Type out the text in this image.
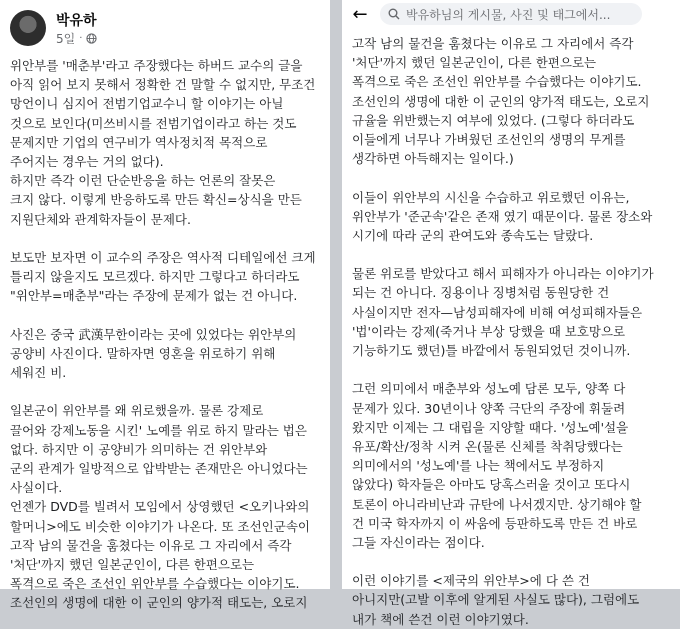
박유하
5일 ·
위안부를 '매춘부'라고 주장했다는 하버드 교수의 글을
아직 읽어 보지 못해서 정확한 건 말할 수 없지만, 무조건
망언이니 심지어 전범기업교수니 할 이야기는 아닐
것으로 보인다(미쓰비시를 전범기업이라고 하는 것도
문제지만 기업의 연구비가 역사정치적 목적으로
주어지는 경우는 거의 없다).
하지만 즉각 이런 단순반응을 하는 언론의 잘못은
크지 않다. 이렇게 반응하도록 만든 확신=상식을 만든
지원단체와 관계학자들이 문제다.
보도만 보자면 이 교수의 주장은 역사적 디테일에선 크게
틀리지 않을지도 모르겠다. 하지만 그렇다고 하더라도
"위안부=매춘부"라는 주장에 문제가 없는 건 아니다.
사진은 중국 武漢무한이라는 곳에 있었다는 위안부의
공양비 사진이다. 말하자면 영혼을 위로하기 위해
세워진 비.
일본군이 위안부를 왜 위로했을까. 물론 강제로
끌어와 강제노동을 시킨' 노예를 위로 하지 말라는 법은
없다. 하지만 이 공양비가 의미하는 건 위안부와
군의 관계가 일방적으로 압박받는 존재만은 아니었다는
사실이다.
언젠가 DVD를 빌려서 모임에서 상영했던 <오키나와의
할머니>에도 비슷한 이야기가 나온다. 또 조선인군속이
고작 남의 물건을 훔쳤다는 이유로 그 자리에서 즉각
'처단'까지 했던 일본군인이, 다른 한편으로는
폭격으로 죽은 조선인 위안부를 수습했다는 이야기도.
조선인의 생명에 대한 이 군인의 양가적 태도는, 오로지
←	박유하님의 게시물, 사진 및 태그에서...
고작 남의 물건을 훔쳤다는 이유로 그 자리에서 즉각
'처단'까지 했던 일본군인이, 다른 한편으로는
폭격으로 죽은 조선인 위안부를 수습했다는 이야기도.
조선인의 생명에 대한 이 군인의 양가적 태도는, 오로지
규율을 위반했는지 여부에 있었다. (그렇다 하더라도
이들에게 너무나 가벼웠던 조선인의 생명의 무게를
생각하면 아득해지는 일이다.)
이들이 위안부의 시신을 수습하고 위로했던 이유는,
위안부가 '준군속'같은 존재 였기 때문이다. 물론 장소와
시기에 따라 군의 관여도와 종속도는 달랐다.
물론 위로를 받았다고 해서 피해자가 아니라는 이야기가
되는 건 아니다. 징용이나 징병처럼 동원당한 건
사실이지만 전자—남성피해자에 비해 여성피해자들은
'법'이라는 강제(죽거나 부상 당했을 때 보호망으로
기능하기도 했던)틀 바깥에서 동원되었던 것이니까.
그런 의미에서 매춘부와 성노예 담론 모두, 양쪽 다
문제가 있다. 30년이나 양쪽 극단의 주장에 휘둘려
왔지만 이제는 그 대립을 지양할 때다. '성노예'설을
유포/확산/정착 시켜 온(물론 신체를 착취당했다는
의미에서의 '성노예'를 나는 책에서도 부정하지
않았다) 학자들은 아마도 당혹스러울 것이고 또다시
토론이 아니라비난과 규탄에 나서겠지만. 상기해야 할
건 미국 학자까지 이 싸움에 등판하도록 만든 건 바로
그들 자신이라는 점이다.
이런 이야기를 <제국의 위안부>에 다 쓴 건
아니지만(고발 이후에 알게된 사실도 많다), 그럼에도
내가 책에 쓴건 이런 이야기였다.
